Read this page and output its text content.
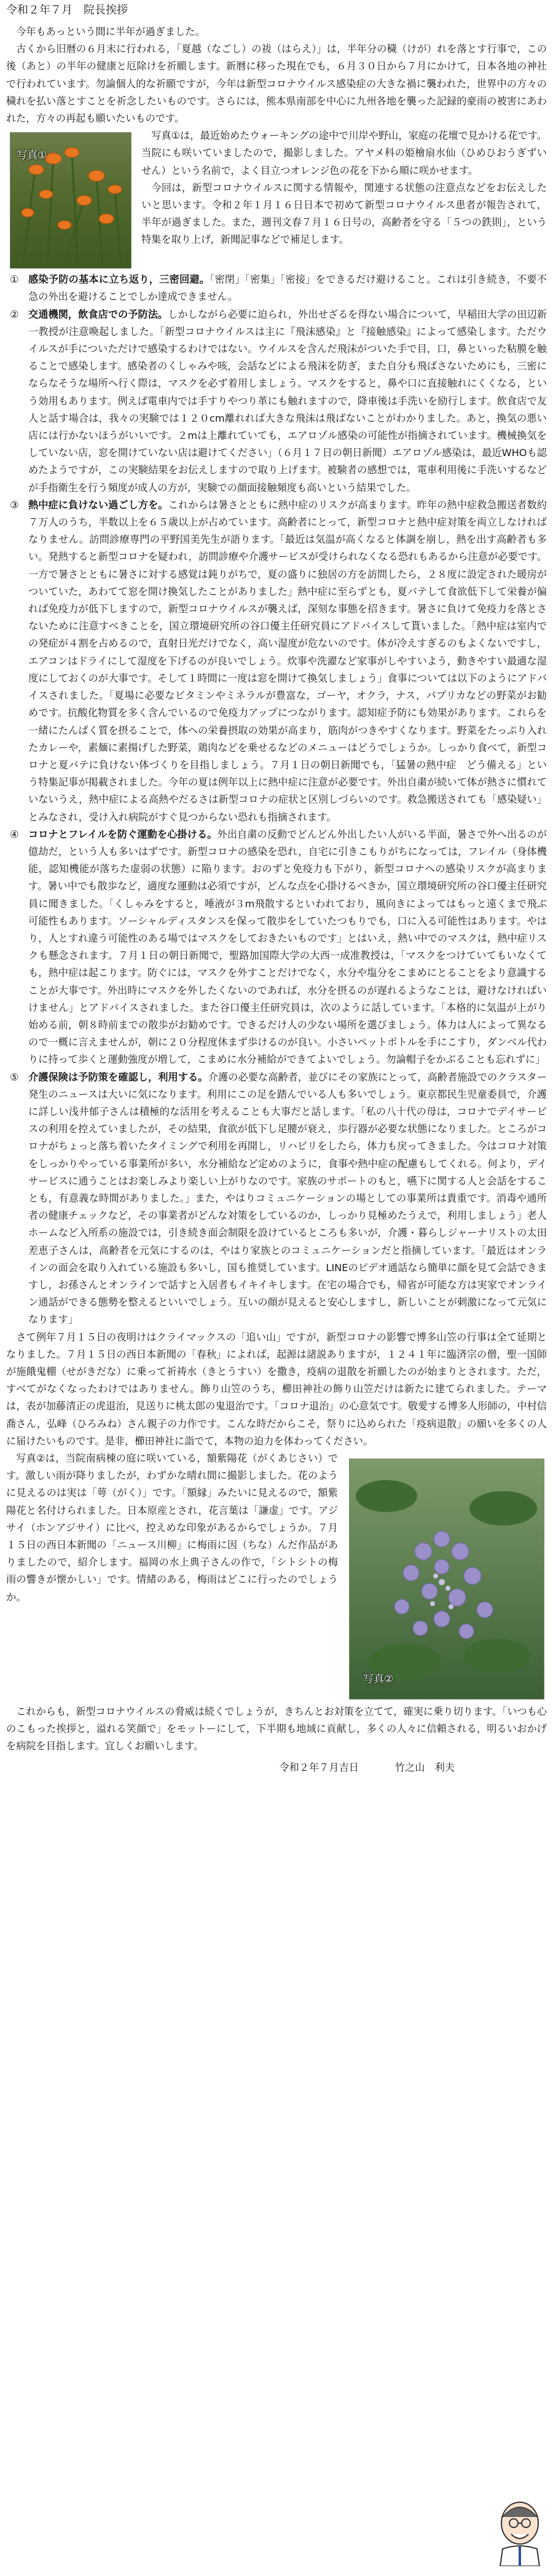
令和２年７月　院長挨拶

今年もあっという間に半年が過ぎました。

古くから旧暦の６月末に行われる，「夏越（なごし）の祓（はらえ）」は，半年分の穢（けが）れを落とす行事で，この後（あと）の半年の健康と厄除けを祈願します。新暦に移った現在でも，６月３０日から７月にかけて，日本各地の神社で行われています。勿論個人的な祈願ですが，今年は新型コロナウイルス感染症の大きな禍に襲われた，世界中の方々の穢れを払い落とすことを祈念したいものです。さらには，熊本県南部を中心に九州各地を襲った記録的豪雨の被害にあわれた，方々の再起も願いたいものです。

写真①

写真①は，最近始めたウォーキングの途中で川岸や野山，家庭の花壇で見かける花です。当院にも咲いていましたので，撮影しました。アヤメ科の姫檜扇水仙（ひめひおうぎずいせん）という名前で，よく目立つオレンジ色の花を下から順に咲かせます。

今回は，新型コロナウイルスに関する情報や，関連する状態の注意点などをお伝えしたいと思います。令和２年１月１６日日本で初めて新型コロナウイルス患者が報告されて，半年が過ぎました。また，週刊文春７月１６日号の，高齢者を守る「５つの鉄則」，という特集を取り上げ，新聞記事などで補足します。

① 感染予防の基本に立ち返り，三密回避。「密閉」「密集」「密接」をできるだけ避けること。これは引き続き，不要不急の外出を避けることでしか達成できません。

② 交通機関，飲食店での予防法。しかしながら必要に迫られ，外出せざるを得ない場合について，早稲田大学の田辺新一教授が注意喚起しました。「新型コロナウイルスは主に『飛沫感染』と『接触感染』によって感染します。ただウイルスが手についただけで感染するわけではない。ウイルスを含んだ飛沫がついた手で目，口，鼻といった粘膜を触ることで感染します。感染者のくしゃみや咳，会話などによる飛沫を防ぎ，また自分も飛ばさないためにも，三密にならなそうな場所へ行く際は，マスクを必ず着用しましょう。マスクをすると，鼻や口に直接触れにくくなる，という効用もあります。例えば電車内では手すりやつり革にも触れますので，降車後は手洗いを励行します。飲食店で友人と話す場合は，我々の実験では１２０cm離れれば大きな飛沫は飛ばないことがわかりました。あと，換気の悪い店には行かないほうがいいです。２mは上離れていても，エアロゾル感染の可能性が指摘されています。機械換気をしていない店，窓を開けていない店は避けてください」（６月１７日の朝日新聞）エアロゾル感染は，最近WHOも認めたようですが，この実験結果をお伝えしますので取り上げます。被験者の感想では，電車利用後に手洗いするなどが手指衛生を行う頻度が成人の方が，実験での顔面接触頻度も高いという結果でした。

③ 熱中症に負けない過ごし方を。これからは暑さとともに熱中症のリスクが高まります。昨年の熱中症救急搬送者数約７万人のうち，半数以上を６５歳以上が占めています。高齢者にとって，新型コロナと熱中症対策を両立しなければなりません。訪問診療専門の平野国美先生が語ります。「最近は気温が高くなると体調を崩し，熱を出す高齢者も多い。発熱すると新型コロナを疑われ，訪問診療や介護サービスが受けられなくなる恐れもあるから注意が必要です。一方で暑さとともに暑さに対する感覚は鈍りがちで，夏の盛りに独居の方を訪問したら，２８度に設定された暖房がついていた，あわてて窓を開け換気したことがありました」熱中症に至らずとも，夏バテして食欲低下して栄養が偏れば免疫力が低下しますので，新型コロナウイルスが襲えば，深刻な事態を招きます。暑さに負けて免疫力を落とさないために注意すべきことを，国立環境研究所の谷口優主任研究員にアドバイスして貰いました。「熱中症は室内での発症が４割を占めるので，直射日光だけでなく，高い湿度が危ないのです。体が冷えすぎるのもよくないですし，エアコンはドライにして湿度を下げるのが良いでしょう。炊事や洗濯など家事がしやすいよう，動きやすい最適な湿度にしておくのが大事です。そして１時間に一度は窓を開けて換気しましょう」食事については以下のようにアドバイスされました。「夏場に必要なビタミンやミネラルが豊富な，ゴーヤ，オクラ，ナス，パプリカなどの野菜がお勧めです。抗酸化物質を多く含んでいるので免疫力アップにつながります。認知症予防にも効果があります。これらを一緒にたんぱく質を摂ることで，体への栄養摂取の効果が高まり，筋肉がつきやすくなります。野菜をたっぷり入れたカレーや，素麺に素揚げした野菜，鶏肉などを乗せるなどのメニューはどうでしょうか。しっかり食べて，新型コロナと夏バテに負けない体づくりを目指しましょう。７月１日の朝日新聞でも，「猛暑の熱中症　どう備える」という特集記事が掲載されました。今年の夏は例年以上に熱中症に注意が必要です。外出自粛が続いて体が熱さに慣れていないうえ，熱中症による高熱やだるさは新型コロナの症状と区別しづらいのです。救急搬送されても「感染疑い」とみなされ，受け入れ病院がすぐ見つからない恐れも指摘されます。

④ コロナとフレイルを防ぐ運動を心掛ける。外出自粛の反動でどんどん外出したい人がいる半面，暑さで外へ出るのが億劫だ，という人も多いはずです。新型コロナの感染を恐れ，自宅に引きこもりがちになっては，フレイル（身体機能，認知機能が落ちた虚弱の状態）に陥ります。おのずと免疫力も下がり，新型コロナへの感染リスクが高まります。暑い中でも散歩など，適度な運動は必須ですが，どんな点を心掛けるべきか，国立環境研究所の谷口優主任研究員に聞きました。「くしゃみをすると，唾液が３m飛散するといわれており，風向きによってはもっと遠くまで飛ぶ可能性もあります。ソーシャルディスタンスを保って散歩をしていたつもりでも，口に入る可能性はあります。やはり，人とすれ違う可能性のある場ではマスクをしておきたいものです」とはいえ，熱い中でのマスクは，熱中症リスクも懸念されます。７月１日の朝日新聞で，聖路加国際大学の大西一成准教授は，「マスクをつけていてもいなくても，熱中症は起こります。防ぐには，マスクを外すことだけでなく，水分や塩分をこまめにとることをより意識することが大事です。外出時にマスクを外したくないのであれば，水分を摂るのが遅れるようなことは，避けなければいけません」とアドバイスされました。また谷口優主任研究員は，次のように話しています。「本格的に気温が上がり始める前，朝８時前までの散歩がお勧めです。できるだけ人の少ない場所を選びましょう。体力は人によって異なるので一概に言えませんが，朝に２０分程度休まず歩けるのが良い。小さいペットボトルを手にこすり，ダンベル代わりに持って歩くと運動強度が増して，こまめに水分補給ができてよいでしょう。勿論帽子をかぶることも忘れずに」

⑤ 介護保険は予防策を確認し，利用する。介護の必要な高齢者，並びにその家族にとって，高齢者施設でのクラスター発生のニュースは大いに気になります。利用にこの足を踏んでいる人も多いでしょう。東京都民生児童委員で，介護に詳しい浅井郁子さんは積極的な活用を考えることも大事だと話します。「私の八十代の母は，コロナでデイサービスの利用を控えていましたが，その結果，食欲が低下し足腰が衰え，歩行器が必要な状態になりました。ところがコロナがちょっと落ち着いたタイミングで利用を再開し，リハビリをしたら，体力も戻ってきました。今はコロナ対策をしっかりやっている事業所が多い，水分補給など定めのように，食事や熱中症の配慮もしてくれる。何より，デイサービスに通うことはお楽しみより楽しい上がりなのです。家族のサポートのもと，嚥下に関する人と会話をすることも，有意義な時間がありました。」また，やはりコミュニケーションの場としての事業所は貴重です。消毒や通所者の健康チェックなど，その事業者がどんな対策をしているのか，しっかり見極めたうえで，利用しましょう」老人ホームなど入所系の施設では，引き続き面会制限を設けているところも多いが，介護・暮らしジャーナリストの太田差恵子さんは，高齢者を元気にするのは，やはり家族とのコミュニケーションだと指摘しています。「最近はオンラインの面会を取り入れている施設も多いし，国も推奨しています。LINEのビデオ通話なら簡単に顔を見て会話できますし，お孫さんとオンラインで話すと入居者もイキイキします。在宅の場合でも，帰省が可能な方は実家でオンライン通話ができる態勢を整えるといいでしょう。互いの顔が見えると安心しますし，新しいことが刺激になって元気になります」

さて例年７月１５日の夜明けはクライマックスの「追い山」ですが，新型コロナの影響で博多山笠の行事は全て延期となりました。７月１５日の西日本新聞の「春秋」によれば，起源は諸説ありますが，１２４１年に臨済宗の僧，聖一国師が施餓鬼棚（せがきだな）に乗って祈祷水（きとうすい）を撒き，疫病の退散を祈願したのが始まりとされます。ただ，すべてがなくなったわけではありません。飾り山笠のうち，櫛田神社の飾り山笠だけは新たに建てられました。テーマは，表が加藤清正の虎退治，見送りに桃太郎の鬼退治です。「コロナ退治」の心意気です。敬愛する博多人形師の，中村信喬さん，弘峰（ひろみね）さん親子の力作です。こんな時だからこそ，祭りに込められた「疫病退散」の願いを多くの人に届けたいものです。是非，櫛田神社に詣でて，本物の迫力を体わってください。

写真②

写真②は，当院南病棟の庭に咲いている，額紫陽花（がくあじさい）です。激しい雨が降りましたが，わずかな晴れ間に撮影しました。花のように見えるのは実は「萼（がく）」です。「額縁」みたいに見えるので，額紫陽花と名付けられました。日本原産とされ，花言葉は「謙虚」です。アジサイ（ホンアジサイ）に比べ，控えめな印象があるからでしょうか。７月１５日の西日本新聞の「ニュース川柳」に梅雨に因（ちな）んだ作品がありましたので，紹介します。福岡の水上典子さんの作で，「シトシトの梅雨の響きが懐かしい」です。情緒のある，梅雨はどこに行ったのでしょうか。

これからも，新型コロナウイルスの脅威は続くでしょうが，きちんとお対策を立てて，確実に乗り切ります。「いつも心のこもった挨拶と，溢れる笑顔で」をモットーにして，下半期も地域に貢献し，多くの人々に信頼される，明るいおかげを病院を目指します。宜しくお願いします。

令和２年７月吉日 　　　	竹之山　利夫
